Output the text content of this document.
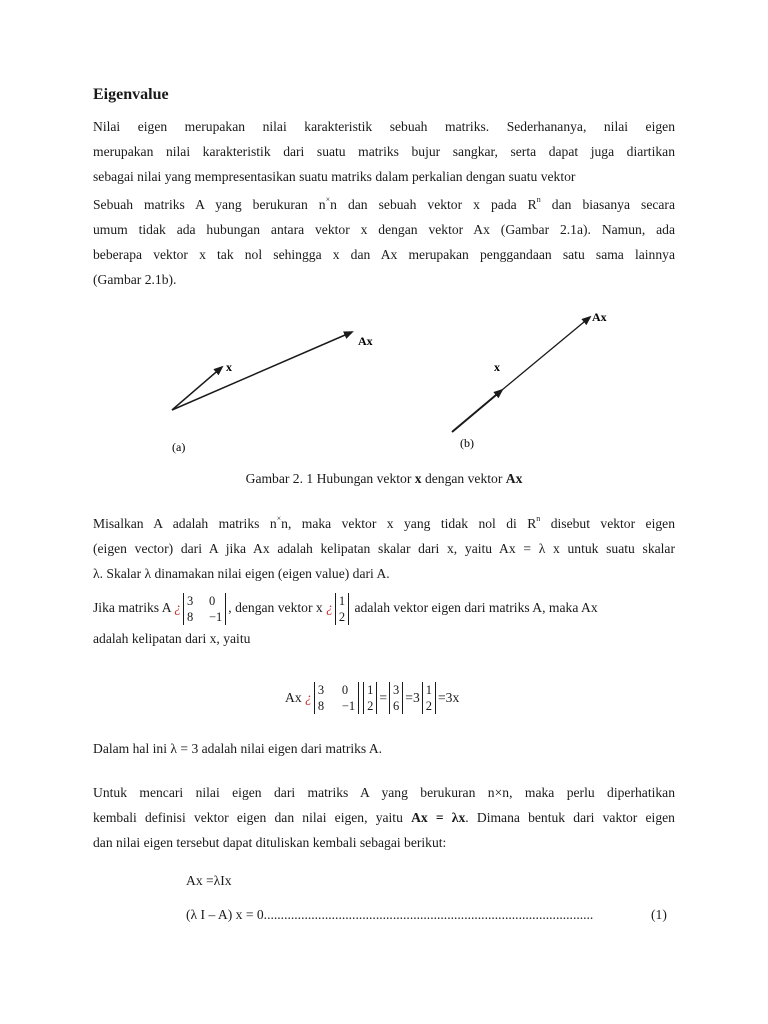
Eigenvalue
Nilai eigen merupakan nilai karakteristik sebuah matriks. Sederhananya, nilai eigen
merupakan nilai karakteristik dari suatu matriks bujur sangkar, serta dapat juga diartikan
sebagai nilai yang mempresentasikan suatu matriks dalam perkalian dengan suatu vektor
Sebuah matriks A yang berukuran n×n dan sebuah vektor x pada $R^n$ dan biasanya secara
umum tidak ada hubungan antara vektor x dengan vektor Ax (Gambar 2.1a). Namun, ada
beberapa vektor x tak nol sehingga x dan Ax merupakan penggandaan satu sama lainnya
(Gambar 2.1b).
x
Ax
(a)
x
Ax
(b)
Gambar 2. 1 Hubungan vektor x dengan vektor Ax
Misalkan A adalah matriks n×n, maka vektor x yang tidak nol di $R^n$ disebut vektor eigen
(eigen vector) dari A jika Ax adalah kelipatan skalar dari x, yaitu Ax = λ x untuk suatu skalar
λ. Skalar λ dinamakan nilai eigen (eigen value) dari A.
Jika matriks A ¿ 3 0
8 −1
, dengan vektor x ¿ 1
2
adalah vektor eigen dari matriks A, maka Ax
adalah kelipatan dari x, yaitu
Ax ¿ 3 0
8 −1
1
2
= 3
6
=3 1
2
=3x
Dalam hal ini λ = 3 adalah nilai eigen dari matriks A.
Untuk mencari nilai eigen dari matriks A yang berukuran n×n, maka perlu diperhatikan
kembali definisi vektor eigen dan nilai eigen, yaitu Ax = λx. Dimana bentuk dari vaktor eigen
dan nilai eigen tersebut dapat dituliskan kembali sebagai berikut:
Ax =λIx
(λ I – A) x = 0.................................................................................................	(1)
